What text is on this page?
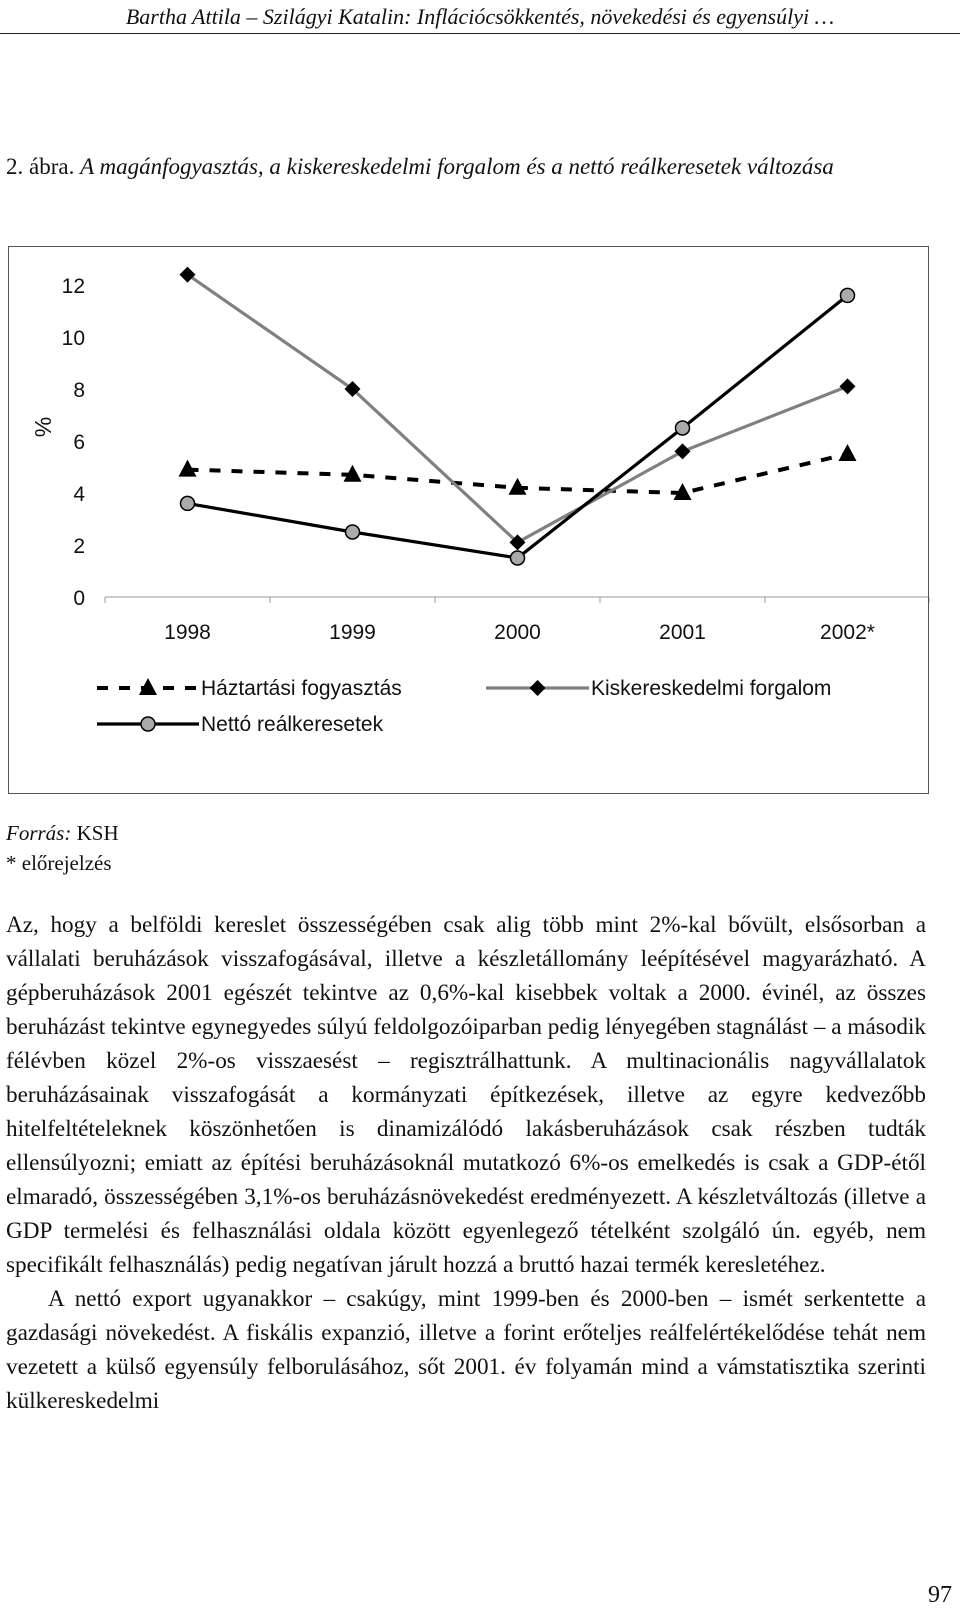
Bartha Attila – Szilágyi Katalin: Inflációcsökkentés, növekedési és egyensúlyi …
2. ábra. A magánfogyasztás, a kiskereskedelmi forgalom és a nettó reálkeresetek változása
1998	1999	2000	2001	2002*
0
2
4
6
8
10
12
%
Háztartási fogyasztás	Kiskereskedelmi forgalom
Nettó reálkeresetek
Forrás: KSH
* előrejelzés

Az, hogy a belföldi kereslet összességében csak alig több mint 2%-kal bővült, elsősorban a vállalati beruházások visszafogásával, illetve a készletállomány leépítésével magyarázható. A gépberuházások 2001 egészét tekintve az 0,6%-kal kisebbek voltak a 2000. évinél, az összes beruházást tekintve egynegyedes súlyú feldolgozóiparban pedig lényegében stagnálást – a második félévben közel 2%-os visszaesést – regisztrálhattunk. A multinacionális nagyvállalatok beruházásainak visszafogását a kormányzati építkezések, illetve az egyre kedvezőbb hitelfeltételeknek köszönhetően is dinamizálódó lakásberuházások csak részben tudták ellensúlyozni; emiatt az építési beruházásoknál mutatkozó 6%-os emelkedés is csak a GDP-étől elmaradó, összességében 3,1%-os beruházásnövekedést eredményezett. A készletváltozás (illetve a GDP termelési és felhasználási oldala között egyenlegező tételként szolgáló ún. egyéb, nem specifikált felhasználás) pedig negatívan járult hozzá a bruttó hazai termék keresletéhez.

A nettó export ugyanakkor – csakúgy, mint 1999-ben és 2000-ben – ismét serkentette a gazdasági növekedést. A fiskális expanzió, illetve a forint erőteljes reálfelértékelődése tehát nem vezetett a külső egyensúly felborulásához, sőt 2001. év folyamán mind a vámstatisztika szerinti külkereskedelmi

97
